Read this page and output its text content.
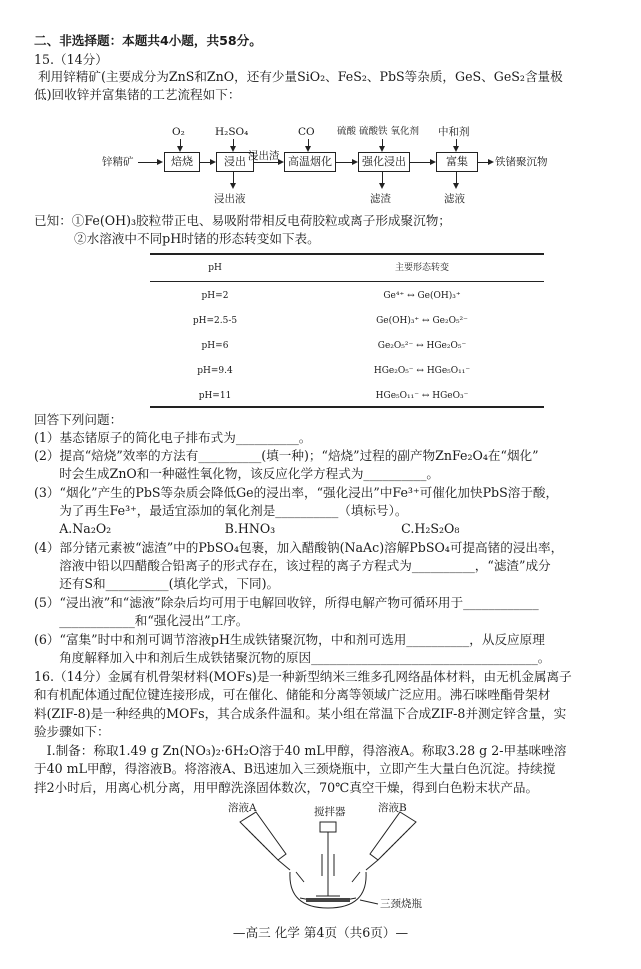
二、非选择题：本题共4小题，共58分。
15.（14分）
利用锌精矿(主要成分为ZnS和ZnO，还有少量SiO₂、FeS₂、PbS等杂质，GeS、GeS₂含量极
低)回收锌并富集锗的工艺流程如下：
锌精矿	焙烧	浸出 浸出渣 高温烟化	强化浸出	富集	铁锗聚沉物
O₂	H₂SO₄	CO 硫酸 硫酸铁 氧化剂 中和剂
浸出液	滤渣	滤液
已知：①Fe(OH)₃胶粒带正电、易吸附带相反电荷胶粒或离子形成聚沉物；
②水溶液中不同pH时锗的形态转变如下表。
pH	主要形态转变
pH=2	Ge⁴⁺ ↔ Ge(OH)₃⁺
pH=2.5-5	Ge(OH)₃⁺ ↔ Ge₂O₅²⁻
pH=6	Ge₂O₅²⁻ ↔ HGe₂O₅⁻
pH=9.4	HGe₂O₅⁻ ↔ HGe₅O₁₁⁻
pH=11	HGe₅O₁₁⁻ ↔ HGeO₃⁻
回答下列问题：
(1）基态锗原子的简化电子排布式为__________。
(2）提高“焙烧”效率的方法有__________(填一种)；“焙烧”过程的副产物ZnFe₂O₄在“烟化”
　　时会生成ZnO和一种磁性氧化物，该反应化学方程式为__________。
(3）“烟化”产生的PbS等杂质会降低Ge的浸出率，“强化浸出”中Fe³⁺可催化加快PbS溶于酸，
　　为了再生Fe³⁺，最适宜添加的氧化剂是__________（填标号）。
　　A.Na₂O₂　　　　　　　　　B.HNO₃　　　　　　　　　　C.H₂S₂O₈
(4）部分锗元素被“滤渣”中的PbSO₄包裹，加入醋酸钠(NaAc)溶解PbSO₄可提高锗的浸出率，
　　溶液中铅以四醋酸合铅离子的形式存在，该过程的离子方程式为__________，“滤渣”成分
　　还有S和__________(填化学式，下同)。
(5）“浸出液”和“滤液”除杂后均可用于电解回收锌，所得电解产物可循环用于____________
　　____________和“强化浸出”工序。
(6）“富集”时中和剂可调节溶液pH生成铁锗聚沉物，中和剂可选用__________，从反应原理
　　角度解释加入中和剂后生成铁锗聚沉物的原因____________________________________。
16.（14分）金属有机骨架材料(MOFs)是一种新型纳米三维多孔网络晶体材料，由无机金属离子
和有机配体通过配位键连接形成，可在催化、储能和分离等领域广泛应用。沸石咪唑酯骨架材
料(ZIF-8)是一种经典的MOFs，其合成条件温和。某小组在常温下合成ZIF-8并测定锌含量，实
验步骤如下：
　Ⅰ.制备：称取1.49 g Zn(NO₃)₂·6H₂O溶于40 mL甲醇，得溶液A。称取3.28 g 2-甲基咪唑溶
于40 mL甲醇，得溶液B。将溶液A、B迅速加入三颈烧瓶中，立即产生大量白色沉淀。持续搅
拌2小时后，用离心机分离，用甲醇洗涤固体数次，70℃真空干燥，得到白色粉末状产品。
溶液A	搅拌器	溶液B
三颈烧瓶
—高三 化学 第4页（共6页）—
